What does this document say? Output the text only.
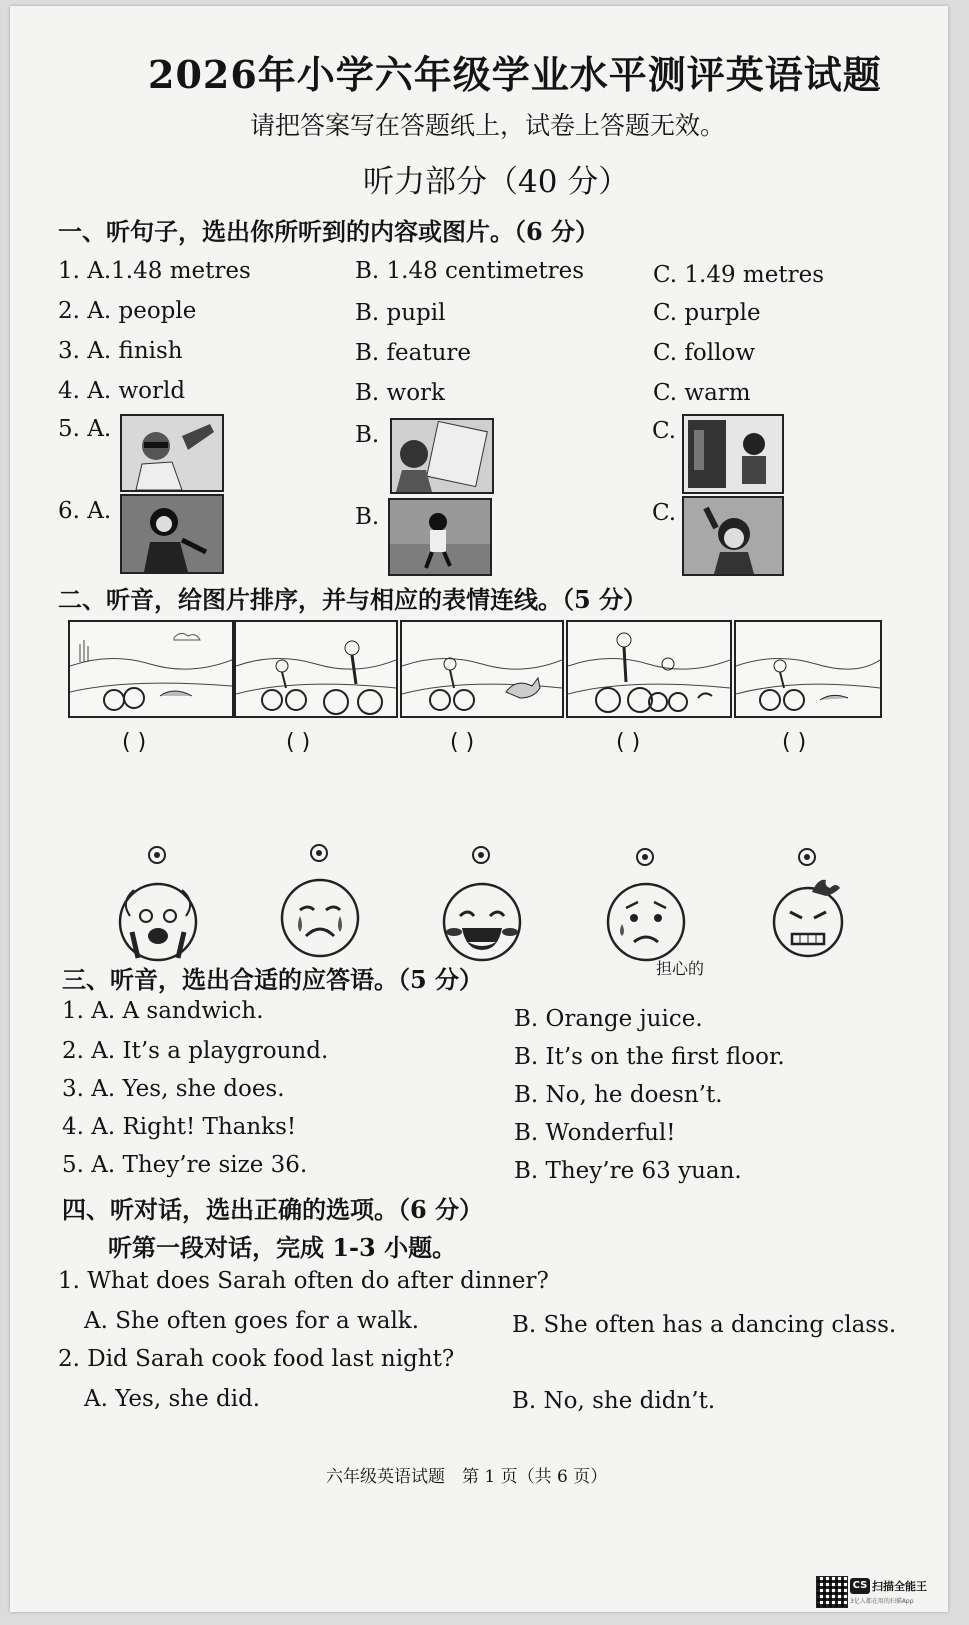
2026年小学六年级学业水平测评英语试题
请把答案写在答题纸上，试卷上答题无效。
听力部分（40 分）
一、听句子，选出你所听到的内容或图片。（6 分）
1. A.1.48 metres	B. 1.48 centimetres	C. 1.49 metres
2. A. people	B. pupil	C. purple
3. A. finish	B. feature	C. follow
4. A. world	B. work	C. warm
5. A.	B.	C.
6. A.	B.	C.
二、听音，给图片排序，并与相应的表情连线。（5 分）
( )	( )	( )	( )	( )
担心的
三、听音，选出合适的应答语。（5 分）
1. A. A sandwich.	B. Orange juice.
2. A. It’s a playground.	B. It’s on the first floor.
3. A. Yes, she does.	B. No, he doesn’t.
4. A. Right! Thanks!	B. Wonderful!
5. A. They’re size 36.	B. They’re 63 yuan.
四、听对话，选出正确的选项。（6 分）
听第一段对话，完成 1-3 小题。
1. What does Sarah often do after dinner?
A. She often goes for a walk.	B. She often has a dancing class.
2. Did Sarah cook food last night?
A. Yes, she did.	B. No, she didn’t.
六年级英语试题　第 1 页（共 6 页）
CS 扫描全能王
3亿人都在用的扫描App
